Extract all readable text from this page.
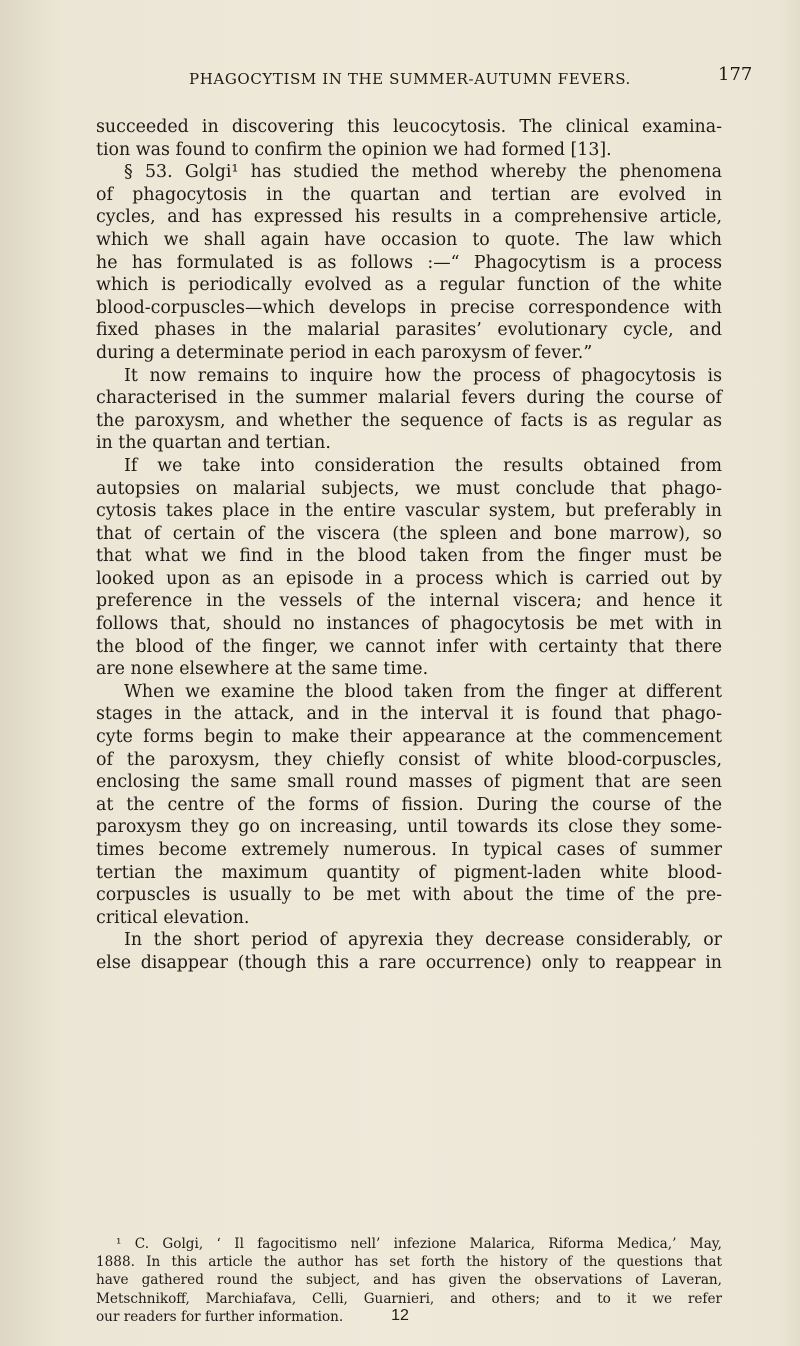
PHAGOCYTISM IN THE SUMMER-AUTUMN FEVERS.	177
succeeded in discovering this leucocytosis. The clinical examina-
tion was found to confirm the opinion we had formed [13].
§ 53. Golgi¹ has studied the method whereby the phenomena
of phagocytosis in the quartan and tertian are evolved in
cycles, and has expressed his results in a comprehensive article,
which we shall again have occasion to quote. The law which
he has formulated is as follows :—“ Phagocytism is a process
which is periodically evolved as a regular function of the white
blood-corpuscles—which develops in precise correspondence with
fixed phases in the malarial parasites’ evolutionary cycle, and
during a determinate period in each paroxysm of fever.”
It now remains to inquire how the process of phagocytosis is
characterised in the summer malarial fevers during the course of
the paroxysm, and whether the sequence of facts is as regular as
in the quartan and tertian.
If we take into consideration the results obtained from
autopsies on malarial subjects, we must conclude that phago-
cytosis takes place in the entire vascular system, but preferably in
that of certain of the viscera (the spleen and bone marrow), so
that what we find in the blood taken from the finger must be
looked upon as an episode in a process which is carried out by
preference in the vessels of the internal viscera; and hence it
follows that, should no instances of phagocytosis be met with in
the blood of the finger, we cannot infer with certainty that there
are none elsewhere at the same time.
When we examine the blood taken from the finger at different
stages in the attack, and in the interval it is found that phago-
cyte forms begin to make their appearance at the commencement
of the paroxysm, they chiefly consist of white blood-corpuscles,
enclosing the same small round masses of pigment that are seen
at the centre of the forms of fission. During the course of the
paroxysm they go on increasing, until towards its close they some-
times become extremely numerous. In typical cases of summer
tertian the maximum quantity of pigment-laden white blood-
corpuscles is usually to be met with about the time of the pre-
critical elevation.
In the short period of apyrexia they decrease considerably, or
else disappear (though this a rare occurrence) only to reappear in
¹ C. Golgi, ‘ Il fagocitismo nell’ infezione Malarica, Riforma Medica,’ May,
1888. In this article the author has set forth the history of the questions that
have gathered round the subject, and has given the observations of Laveran,
Metschnikoff, Marchiafava, Celli, Guarnieri, and others; and to it we refer
our readers for further information.	12
